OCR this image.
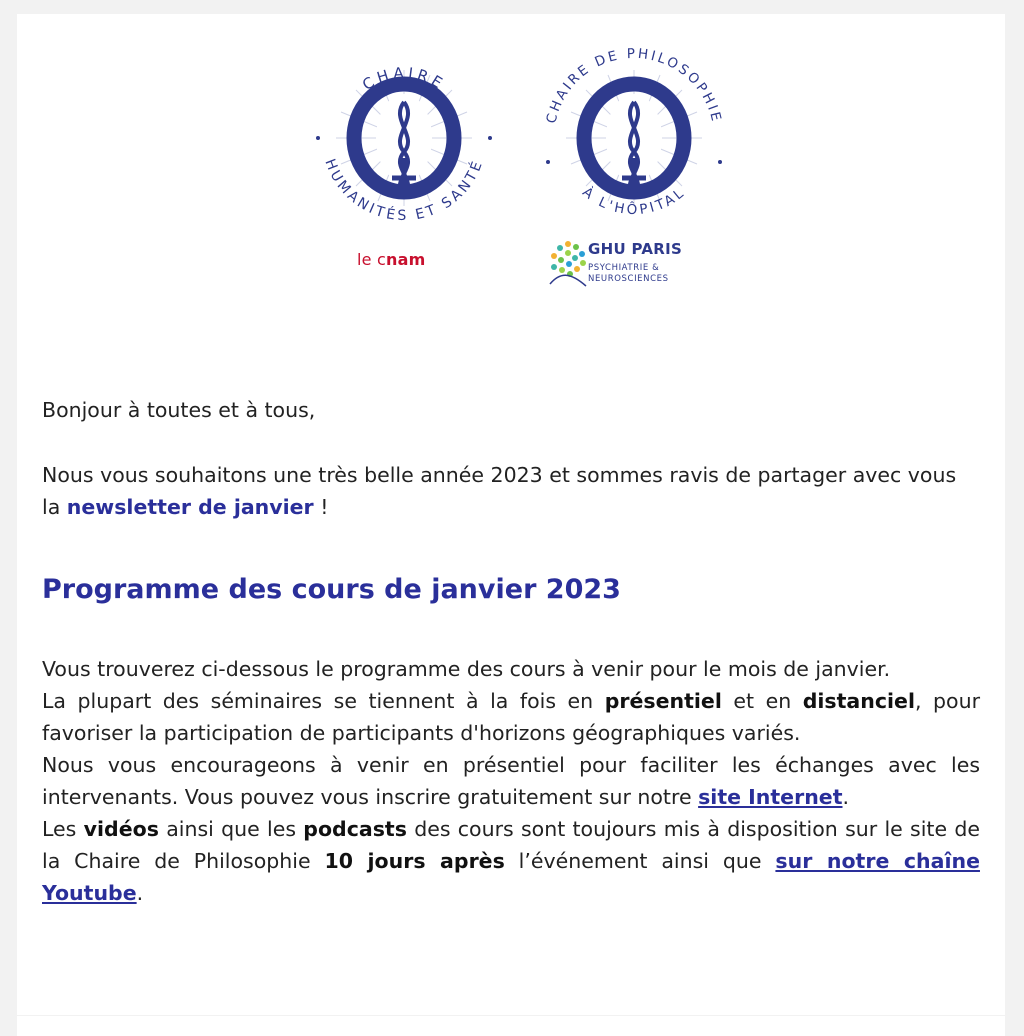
CHAIRE
HUMANITÉS ET SANTÉ
le cnam
CHAIRE DE PHILOSOPHIE
À L'HÔPITAL
GHU PARIS
PSYCHIATRIE &
NEUROSCIENCES
Bonjour à toutes et à tous,
Nous vous souhaitons une très belle année 2023 et sommes ravis de partager avec vous la newsletter de janvier !
Programme des cours de janvier 2023
Vous trouverez ci-dessous le programme des cours à venir pour le mois de janvier.
La plupart des séminaires se tiennent à la fois en présentiel et en distanciel, pour favoriser la participation de participants d'horizons géographiques variés.
Nous vous encourageons à venir en présentiel pour faciliter les échanges avec les intervenants. Vous pouvez vous inscrire gratuitement sur notre site Internet.
Les vidéos ainsi que les podcasts des cours sont toujours mis à disposition sur le site de la Chaire de Philosophie 10 jours après l’événement ainsi que sur notre chaîne Youtube.
